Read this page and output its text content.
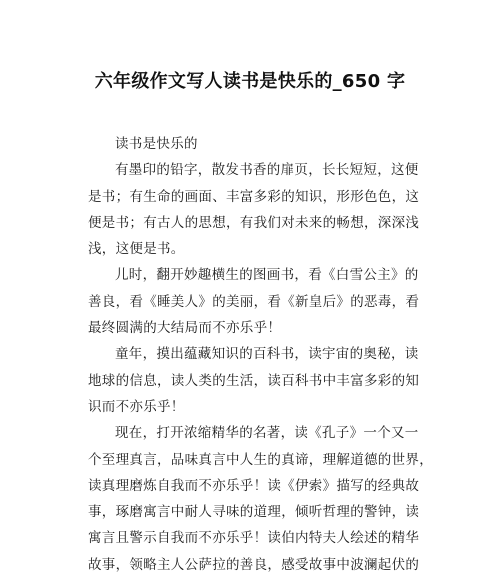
六年级作文写人读书是快乐的_650 字
读书是快乐的
有墨印的铅字，散发书香的扉页，长长短短，这便
是书；有生命的画面、丰富多彩的知识，形形色色，这
便是书；有古人的思想，有我们对未来的畅想，深深浅
浅，这便是书。
儿时，翻开妙趣横生的图画书，看《白雪公主》的
善良，看《睡美人》的美丽，看《新皇后》的恶毒，看
最终圆满的大结局而不亦乐乎！
童年，摸出蕴藏知识的百科书，读宇宙的奥秘，读
地球的信息，读人类的生活，读百科书中丰富多彩的知
识而不亦乐乎！
现在，打开浓缩精华的名著，读《孔子》一个又一
个至理真言，品味真言中人生的真谛，理解道德的世界，
读真理磨炼自我而不亦乐乎！读《伊索》描写的经典故
事，琢磨寓言中耐人寻味的道理，倾听哲理的警钟，读
寓言且警示自我而不亦乐乎！读伯内特夫人绘述的精华
故事，领略主人公萨拉的善良，感受故事中波澜起伏的
